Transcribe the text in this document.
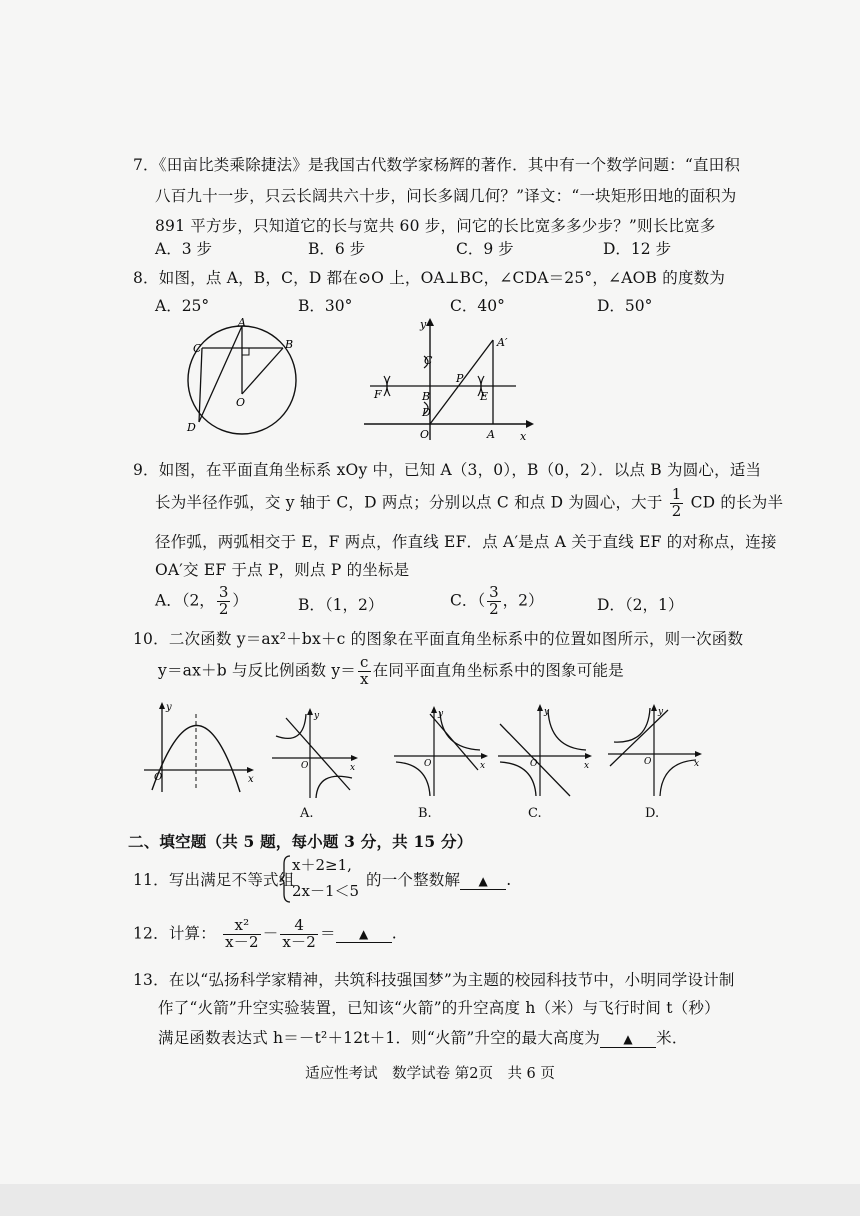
7．《田亩比类乘除捷法》是我国古代数学家杨辉的著作．其中有一个数学问题：“直田积
八百九十一步，只云长阔共六十步，问长多阔几何？”译文：“一块矩形田地的面积为
891 平方步，只知道它的长与宽共 60 步，问它的长比宽多多少步？”则长比宽多
A．3 步	B．6 步	C．9 步	D．12 步
8．如图，点 A，B，C，D 都在⊙O 上，OA⊥BC，∠CDA＝25°，∠AOB 的度数为
A．25°	B．30°	C．40°	D．50°
A
B
C
D
O
y
x
O	A
A′
C
B
D
P
E
F
9．如图，在平面直角坐标系 xOy 中，已知 A（3，0），B（0，2）．以点 B 为圆心，适当
长为半径作弧，交 y 轴于 C，D 两点；分别以点 C 和点 D 为圆心，大于 $\frac{1}{2}$ CD 的长为半
径作弧，两弧相交于 E，F 两点，作直线 EF．点 A′是点 A 关于直线 EF 的对称点，连接
OA′交 EF 于点 P，则点 P 的坐标是
A．（2， $\frac{3}{2}$ ）	B．（1，2）	C．（ $\frac{3}{2}$ ，2）	D．（2，1）
10．二次函数 y＝ax²＋bx＋c 的图象在平面直角坐标系中的位置如图所示，则一次函数
y＝ax＋b 与反比例函数 $y= \frac{c}{x}$ 在同平面直角坐标系中的图象可能是
y
x
O
y
x
O
y
x
O
y
x
O
y
x
O
A.	B.	C.	D.
二、填空题（共 5 题，每小题 3 分，共 15 分）
11．写出满足不等式组
x＋2≥1,
2x－1＜5
的一个整数解 ▲ .
12．计算： $\frac{\text{x²}}{x-2} - \frac{4}{x-2}$ ＝ ▲ .
13．在以“弘扬科学家精神，共筑科技强国梦”为主题的校园科技节中，小明同学设计制
作了“火箭”升空实验装置，已知该“火箭”的升空高度 h（米）与飞行时间 t（秒）
满足函数表达式 h＝－t²＋12t＋1．则“火箭”升空的最大高度为 ▲ 米．
适应性考试　数学试卷 第2页　共 6 页
